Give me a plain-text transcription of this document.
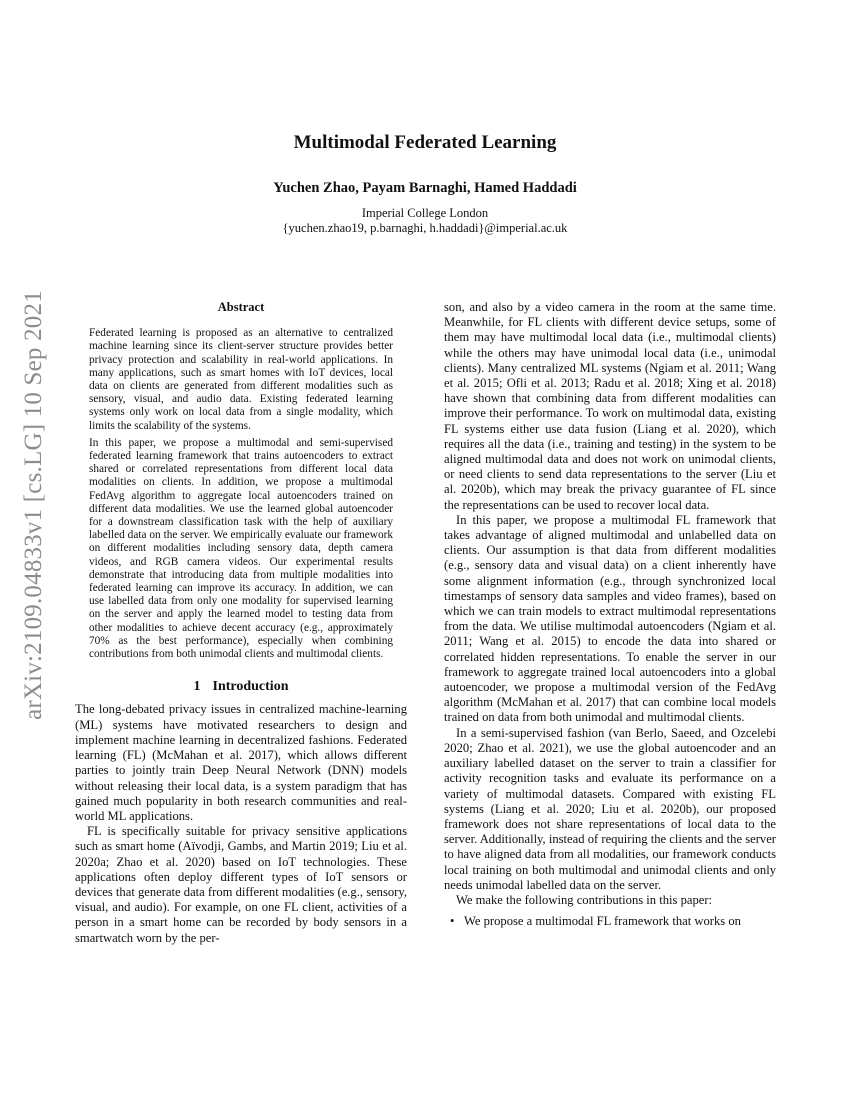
arXiv:2109.04833v1 [cs.LG] 10 Sep 2021
Multimodal Federated Learning
Yuchen Zhao, Payam Barnaghi, Hamed Haddadi
Imperial College London
{yuchen.zhao19, p.barnaghi, h.haddadi}@imperial.ac.uk
Abstract

Federated learning is proposed as an alternative to centralized machine learning since its client-server structure provides better privacy protection and scalability in real-world applications. In many applications, such as smart homes with IoT devices, local data on clients are generated from different modalities such as sensory, visual, and audio data. Existing federated learning systems only work on local data from a single modality, which limits the scalability of the systems.

In this paper, we propose a multimodal and semi-supervised federated learning framework that trains autoencoders to extract shared or correlated representations from different local data modalities on clients. In addition, we propose a multimodal FedAvg algorithm to aggregate local autoencoders trained on different data modalities. We use the learned global autoencoder for a downstream classification task with the help of auxiliary labelled data on the server. We empirically evaluate our framework on different modalities including sensory data, depth camera videos, and RGB camera videos. Our experimental results demonstrate that introducing data from multiple modalities into federated learning can improve its accuracy. In addition, we can use labelled data from only one modality for supervised learning on the server and apply the learned model to testing data from other modalities to achieve decent accuracy (e.g., approximately 70% as the best performance), especially when combining contributions from both unimodal clients and multimodal clients.

1 Introduction

The long-debated privacy issues in centralized machine-learning (ML) systems have motivated researchers to design and implement machine learning in decentralized fashions. Federated learning (FL) (McMahan et al. 2017), which allows different parties to jointly train Deep Neural Network (DNN) models without releasing their local data, is a system paradigm that has gained much popularity in both research communities and real-world ML applications.

FL is specifically suitable for privacy sensitive applications such as smart home (Aïvodji, Gambs, and Martin 2019; Liu et al. 2020a; Zhao et al. 2020) based on IoT technologies. These applications often deploy different types of IoT sensors or devices that generate data from different modalities (e.g., sensory, visual, and audio). For example, on one FL client, activities of a person in a smart home can be recorded by body sensors in a smartwatch worn by the per-

son, and also by a video camera in the room at the same time. Meanwhile, for FL clients with different device setups, some of them may have multimodal local data (i.e., multimodal clients) while the others may have unimodal local data (i.e., unimodal clients). Many centralized ML systems (Ngiam et al. 2011; Wang et al. 2015; Ofli et al. 2013; Radu et al. 2018; Xing et al. 2018) have shown that combining data from different modalities can improve their performance. To work on multimodal data, existing FL systems either use data fusion (Liang et al. 2020), which requires all the data (i.e., training and testing) in the system to be aligned multimodal data and does not work on unimodal clients, or need clients to send data representations to the server (Liu et al. 2020b), which may break the privacy guarantee of FL since the representations can be used to recover local data.

In this paper, we propose a multimodal FL framework that takes advantage of aligned multimodal and unlabelled data on clients. Our assumption is that data from different modalities (e.g., sensory data and visual data) on a client inherently have some alignment information (e.g., through synchronized local timestamps of sensory data samples and video frames), based on which we can train models to extract multimodal representations from the data. We utilise multimodal autoencoders (Ngiam et al. 2011; Wang et al. 2015) to encode the data into shared or correlated hidden representations. To enable the server in our framework to aggregate trained local autoencoders into a global autoencoder, we propose a multimodal version of the FedAvg algorithm (McMahan et al. 2017) that can combine local models trained on data from both unimodal and multimodal clients.

In a semi-supervised fashion (van Berlo, Saeed, and Ozcelebi 2020; Zhao et al. 2021), we use the global autoencoder and an auxiliary labelled dataset on the server to train a classifier for activity recognition tasks and evaluate its performance on a variety of multimodal datasets. Compared with existing FL systems (Liang et al. 2020; Liu et al. 2020b), our proposed framework does not share representations of local data to the server. Additionally, instead of requiring the clients and the server to have aligned data from all modalities, our framework conducts local training on both multimodal and unimodal clients and only needs unimodal labelled data on the server.

We make the following contributions in this paper:

• We propose a multimodal FL framework that works on
